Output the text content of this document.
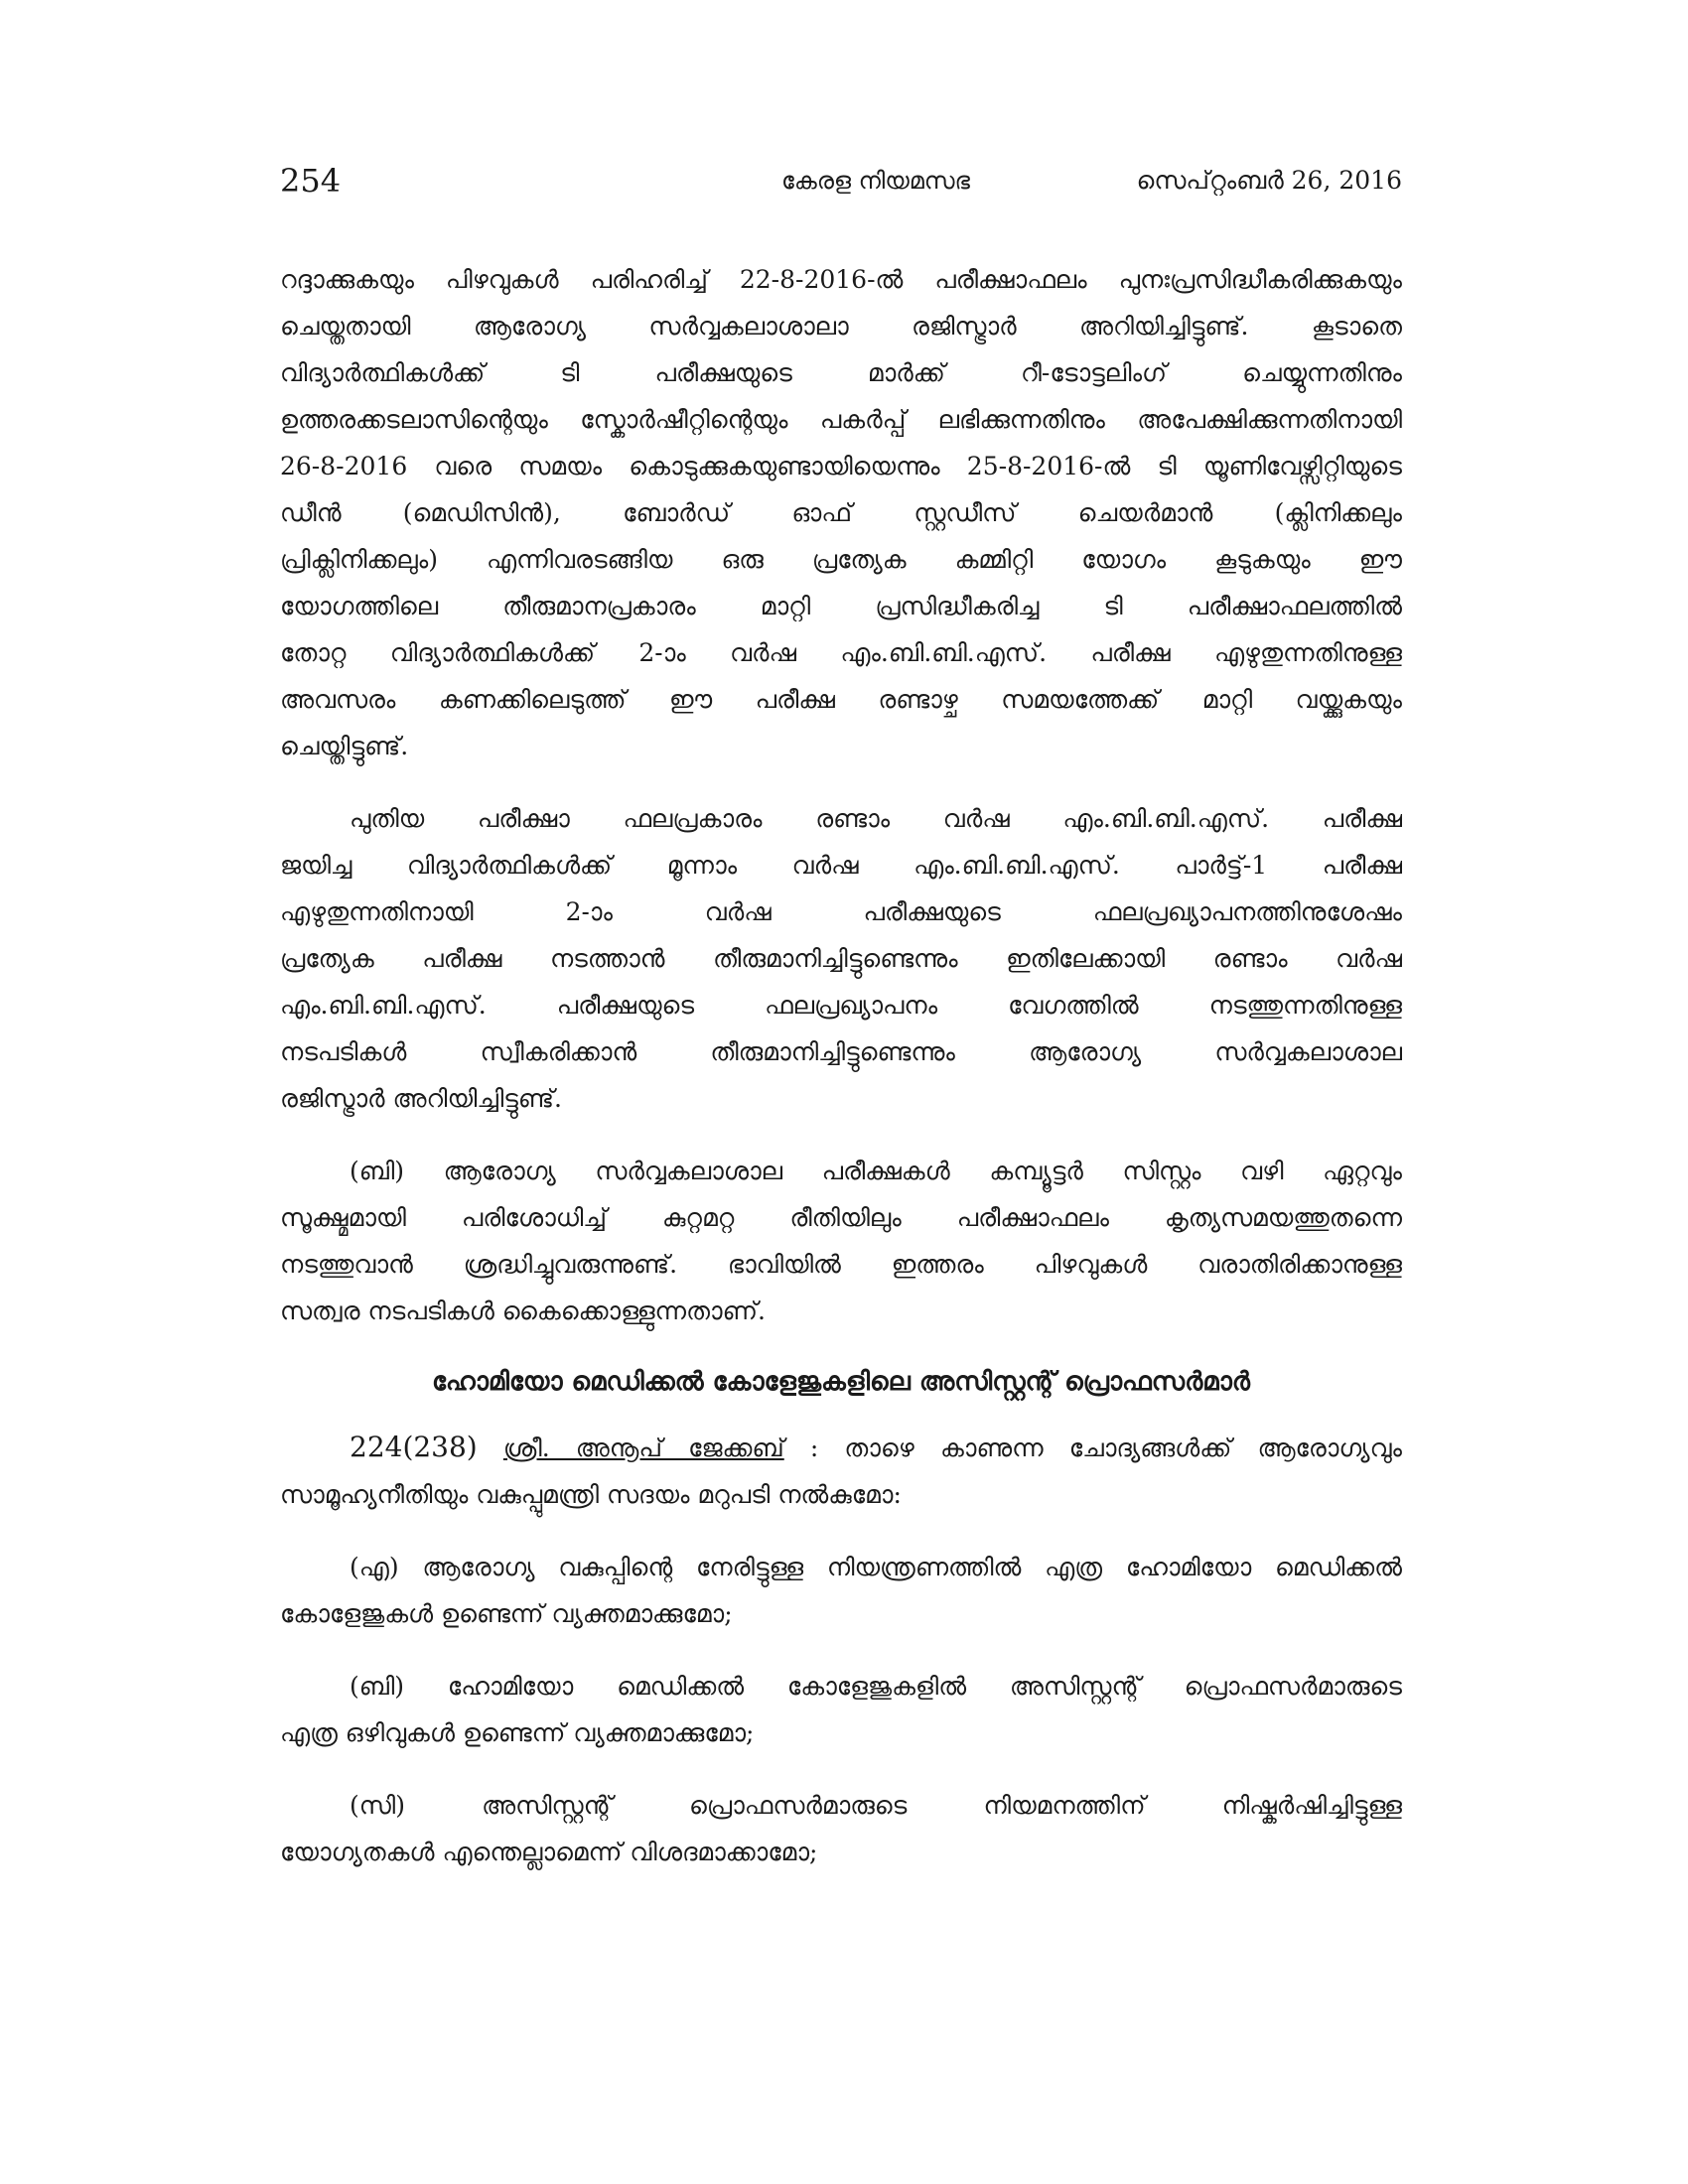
254	കേരള നിയമസഭ	സെപ്റ്റംബർ 26, 2016
റദ്ദാക്കുകയും പിഴവുകൾ പരിഹരിച്ച് 22-8-2016-ൽ പരീക്ഷാഫലം പുനഃപ്രസിദ്ധീകരിക്കുകയും
ചെയ്തതായി ആരോഗ്യ സർവ്വകലാശാലാ രജിസ്ട്രാർ അറിയിച്ചിട്ടുണ്ട്. കൂടാതെ
വിദ്യാർത്ഥികൾക്ക് ടി പരീക്ഷയുടെ മാർക്ക് റീ-ടോട്ടലിംഗ് ചെയ്യുന്നതിനും
ഉത്തരക്കടലാസിന്റെയും സ്കോർഷീറ്റിന്റെയും പകർപ്പ് ലഭിക്കുന്നതിനും അപേക്ഷിക്കുന്നതിനായി
26-8-2016 വരെ സമയം കൊടുക്കുകയുണ്ടായിയെന്നും 25-8-2016-ൽ ടി യൂണിവേഴ്സിറ്റിയുടെ
ഡീൻ (മെഡിസിൻ), ബോർഡ് ഓഫ് സ്റ്റഡീസ് ചെയർമാൻ (ക്ലിനിക്കലും
പ്രിക്ലിനിക്കലും) എന്നിവരടങ്ങിയ ഒരു പ്രത്യേക കമ്മിറ്റി യോഗം കൂടുകയും ഈ
യോഗത്തിലെ തീരുമാനപ്രകാരം മാറ്റി പ്രസിദ്ധീകരിച്ച ടി പരീക്ഷാഫലത്തിൽ
തോറ്റ വിദ്യാർത്ഥികൾക്ക് 2-ാം വർഷ എം.ബി.ബി.എസ്. പരീക്ഷ എഴുതുന്നതിനുള്ള
അവസരം കണക്കിലെടുത്ത് ഈ പരീക്ഷ രണ്ടാഴ്ച സമയത്തേക്ക് മാറ്റി വയ്ക്കുകയും
ചെയ്തിട്ടുണ്ട്.
പുതിയ പരീക്ഷാ ഫലപ്രകാരം രണ്ടാം വർഷ എം.ബി.ബി.എസ്. പരീക്ഷ
ജയിച്ച വിദ്യാർത്ഥികൾക്ക് മൂന്നാം വർഷ എം.ബി.ബി.എസ്. പാർട്ട്-1 പരീക്ഷ
എഴുതുന്നതിനായി 2-ാം വർഷ പരീക്ഷയുടെ ഫലപ്രഖ്യാപനത്തിനുശേഷം
പ്രത്യേക പരീക്ഷ നടത്താൻ തീരുമാനിച്ചിട്ടുണ്ടെന്നും ഇതിലേക്കായി രണ്ടാം വർഷ
എം.ബി.ബി.എസ്. പരീക്ഷയുടെ ഫലപ്രഖ്യാപനം വേഗത്തിൽ നടത്തുന്നതിനുള്ള
നടപടികൾ സ്വീകരിക്കാൻ തീരുമാനിച്ചിട്ടുണ്ടെന്നും ആരോഗ്യ സർവ്വകലാശാല
രജിസ്ട്രാർ അറിയിച്ചിട്ടുണ്ട്.
(ബി) ആരോഗ്യ സർവ്വകലാശാല പരീക്ഷകൾ കമ്പ്യൂട്ടർ സിസ്റ്റം വഴി ഏറ്റവും
സൂക്ഷ്മമായി പരിശോധിച്ച് കുറ്റമറ്റ രീതിയിലും പരീക്ഷാഫലം കൃത്യസമയത്തുതന്നെ
നടത്തുവാൻ ശ്രദ്ധിച്ചുവരുന്നുണ്ട്. ഭാവിയിൽ ഇത്തരം പിഴവുകൾ വരാതിരിക്കാനുള്ള
സത്വര നടപടികൾ കൈക്കൊള്ളുന്നതാണ്.
ഹോമിയോ മെഡിക്കൽ കോളേജുകളിലെ അസിസ്റ്റന്റ് പ്രൊഫസർമാർ
224(238) ശ്രീ. അനൂപ് ജേക്കബ് : താഴെ കാണുന്ന ചോദ്യങ്ങൾക്ക് ആരോഗ്യവും
സാമൂഹ്യനീതിയും വകുപ്പുമന്ത്രി സദയം മറുപടി നൽകുമോ:
(എ) ആരോഗ്യ വകുപ്പിന്റെ നേരിട്ടുള്ള നിയന്ത്രണത്തിൽ എത്ര ഹോമിയോ മെഡിക്കൽ
കോളേജുകൾ ഉണ്ടെന്ന് വ്യക്തമാക്കുമോ;
(ബി) ഹോമിയോ മെഡിക്കൽ കോളേജുകളിൽ അസിസ്റ്റന്റ് പ്രൊഫസർമാരുടെ
എത്ര ഒഴിവുകൾ ഉണ്ടെന്ന് വ്യക്തമാക്കുമോ;
(സി) അസിസ്റ്റന്റ് പ്രൊഫസർമാരുടെ നിയമനത്തിന് നിഷ്കർഷിച്ചിട്ടുള്ള
യോഗ്യതകൾ എന്തെല്ലാമെന്ന് വിശദമാക്കാമോ;
